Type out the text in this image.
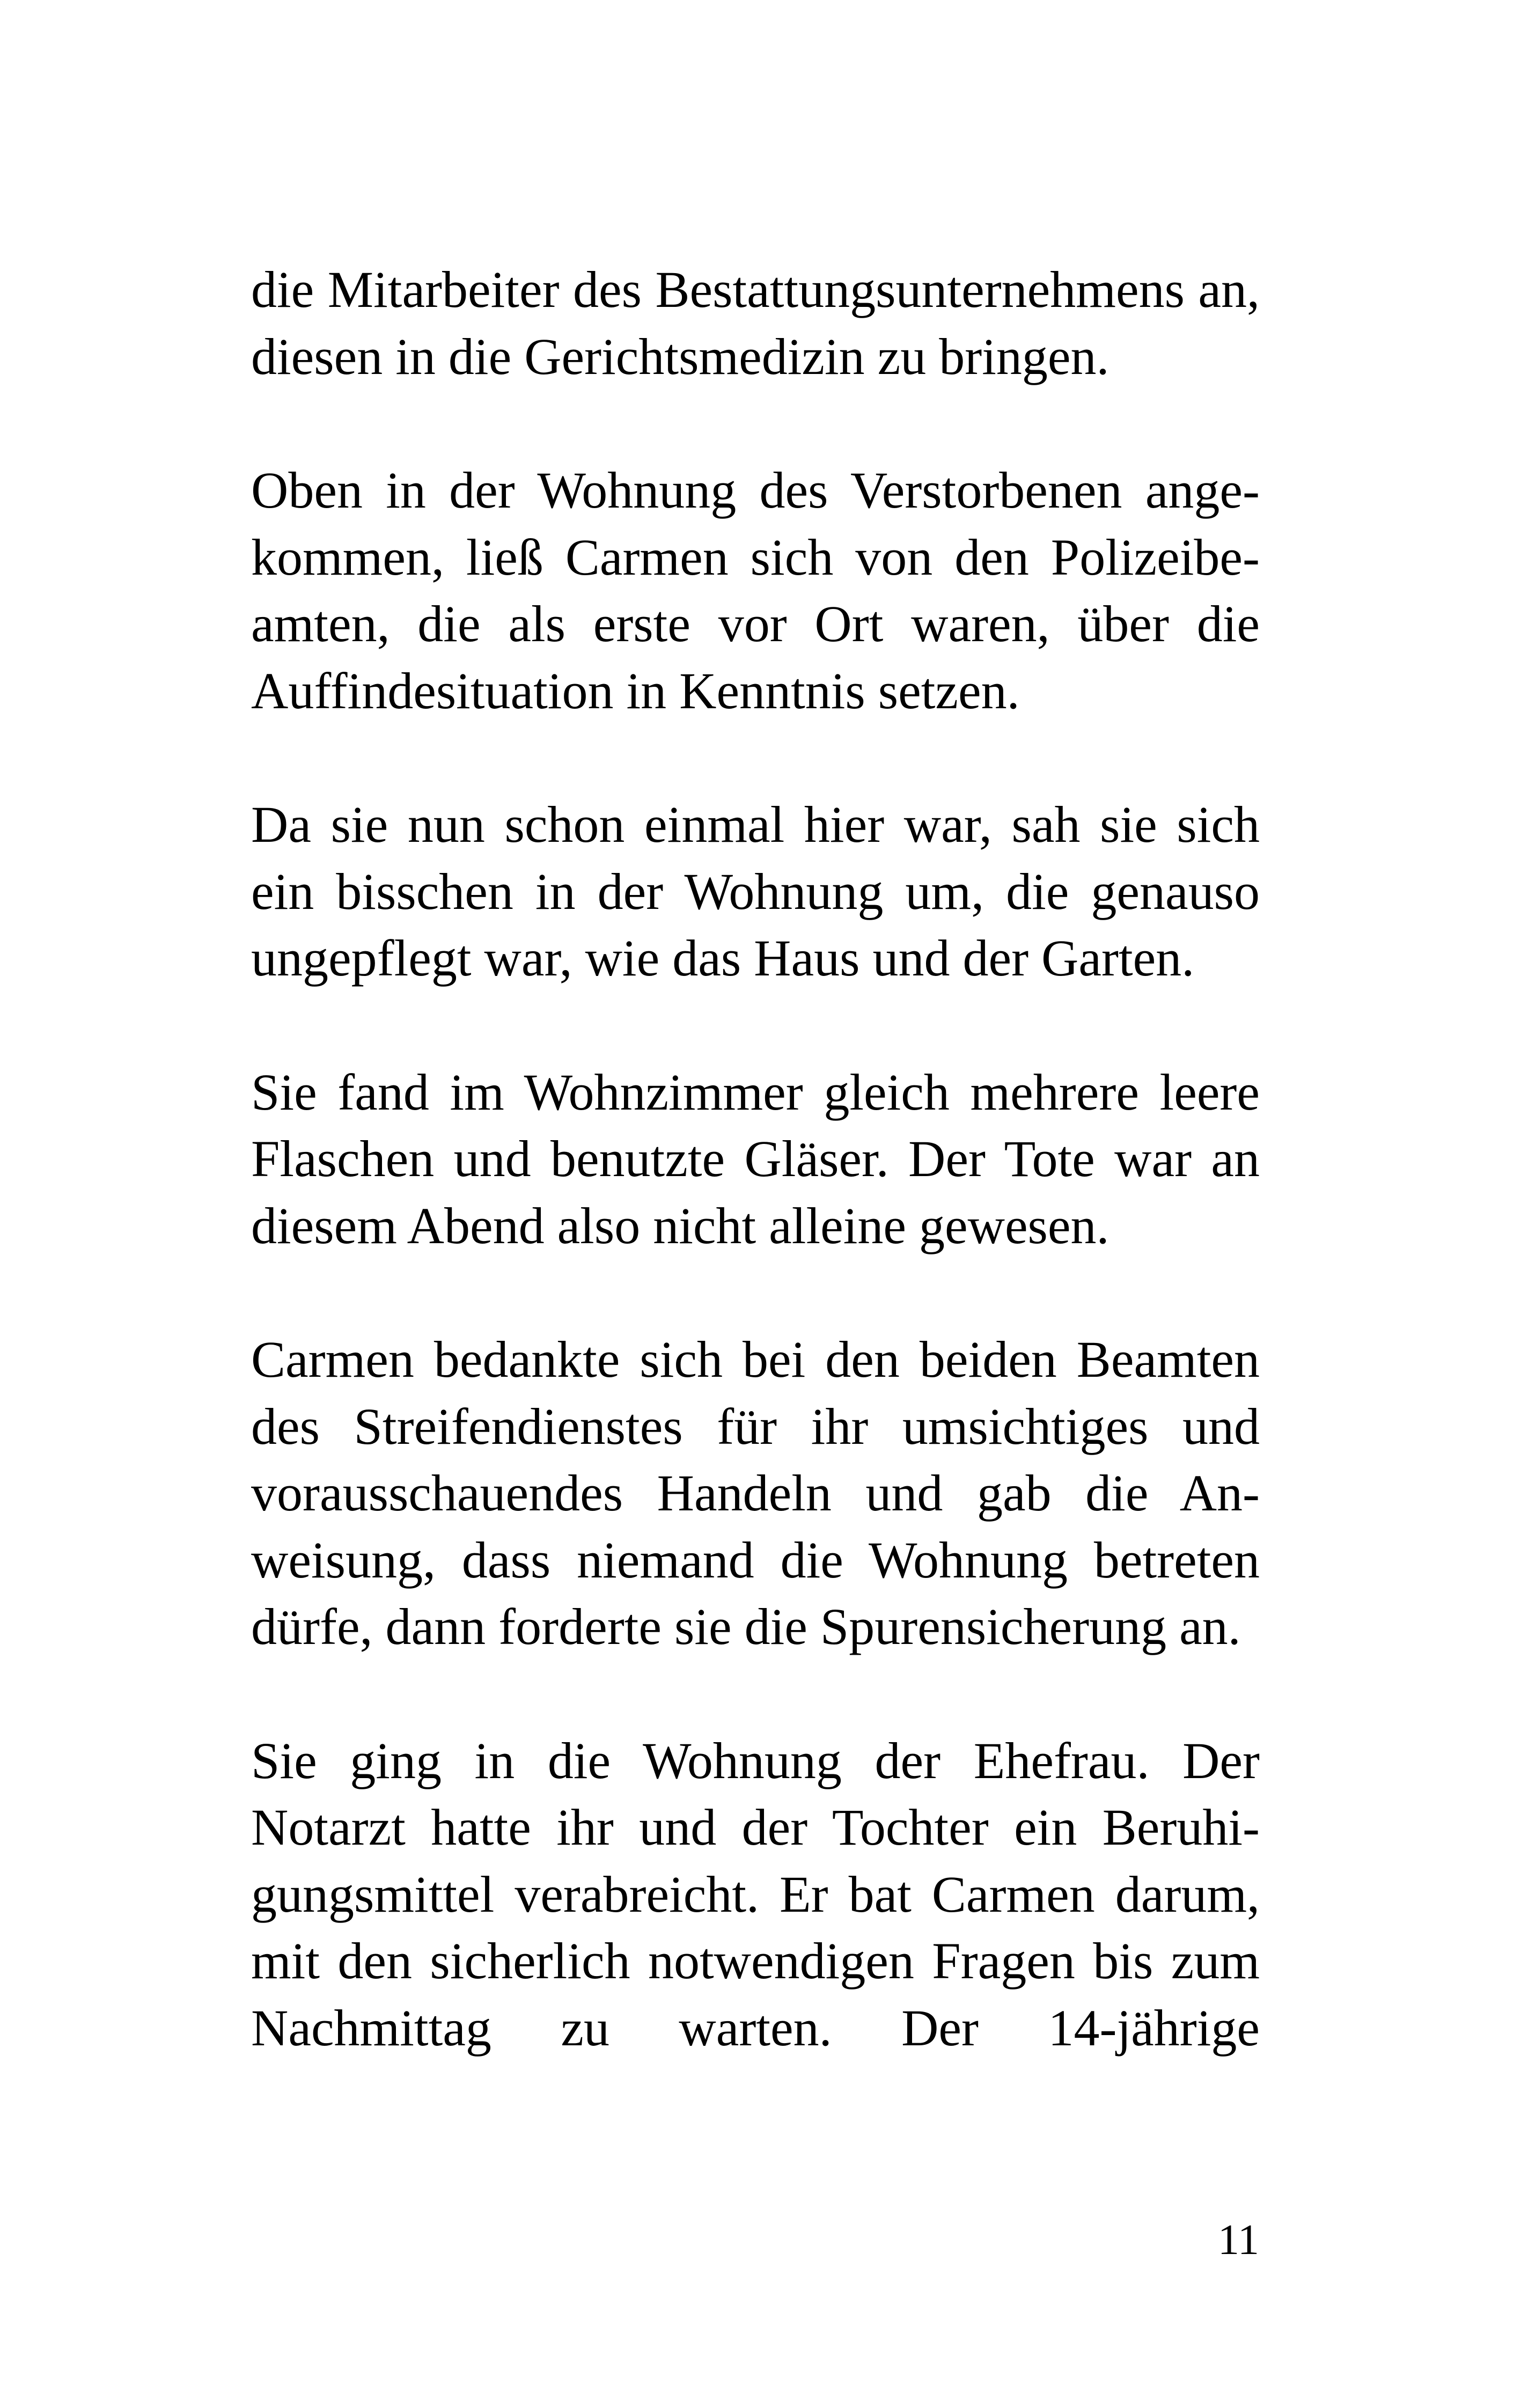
die Mitarbeiter des Bestattungsunternehmens an, diesen in die Gerichtsmedizin zu bringen.

Oben in der Wohnung des Verstorbenen angekommen, ließ Carmen sich von den Polizeibeamten, die als erste vor Ort waren, über die Auffindesituation in Kenntnis setzen.

Da sie nun schon einmal hier war, sah sie sich ein bisschen in der Wohnung um, die genauso ungepflegt war, wie das Haus und der Garten.

Sie fand im Wohnzimmer gleich mehrere leere Flaschen und benutzte Gläser. Der Tote war an diesem Abend also nicht alleine gewesen.

Carmen bedankte sich bei den beiden Beamten des Streifendienstes für ihr umsichtiges und vorausschauendes Handeln und gab die Anweisung, dass niemand die Wohnung betreten dürfe, dann forderte sie die Spurensicherung an.

Sie ging in die Wohnung der Ehefrau. Der Notarzt hatte ihr und der Tochter ein Beruhigungsmittel verabreicht. Er bat Carmen darum, mit den sicherlich notwendigen Fragen bis zum Nachmittag zu warten. Der 14-jährige

11
